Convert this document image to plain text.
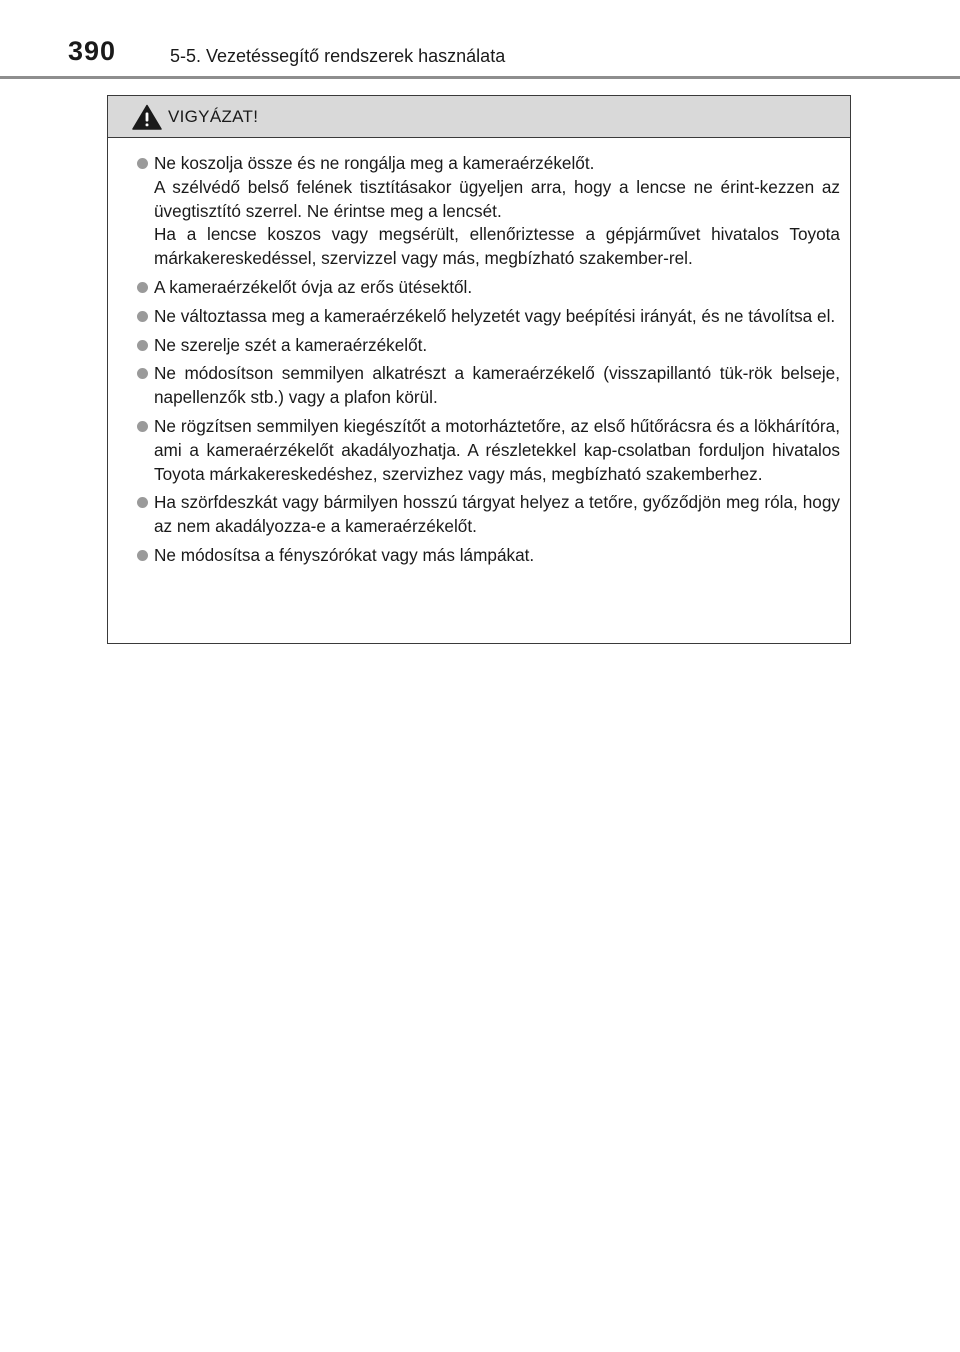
390	5-5. Vezetéssegítő rendszerek használata
VIGYÁZAT!
Ne koszolja össze és ne rongálja meg a kameraérzékelőt.
A szélvédő belső felének tisztításakor ügyeljen arra, hogy a lencse ne érint-kezzen az üvegtisztító szerrel. Ne érintse meg a lencsét.
Ha a lencse koszos vagy megsérült, ellenőriztesse a gépjárművet hivatalos Toyota márkakereskedéssel, szervizzel vagy más, megbízható szakember-rel.
A kameraérzékelőt óvja az erős ütésektől.
Ne változtassa meg a kameraérzékelő helyzetét vagy beépítési irányát, és ne távolítsa el.
Ne szerelje szét a kameraérzékelőt.
Ne módosítson semmilyen alkatrészt a kameraérzékelő (visszapillantó tük-rök belseje, napellenzők stb.) vagy a plafon körül.
Ne rögzítsen semmilyen kiegészítőt a motorháztetőre, az első hűtőrácsra és a lökhárítóra, ami a kameraérzékelőt akadályozhatja. A részletekkel kap-csolatban forduljon hivatalos Toyota márkakereskedéshez, szervizhez vagy más, megbízható szakemberhez.
Ha szörfdeszkát vagy bármilyen hosszú tárgyat helyez a tetőre, győződjön meg róla, hogy az nem akadályozza-e a kameraérzékelőt.
Ne módosítsa a fényszórókat vagy más lámpákat.
